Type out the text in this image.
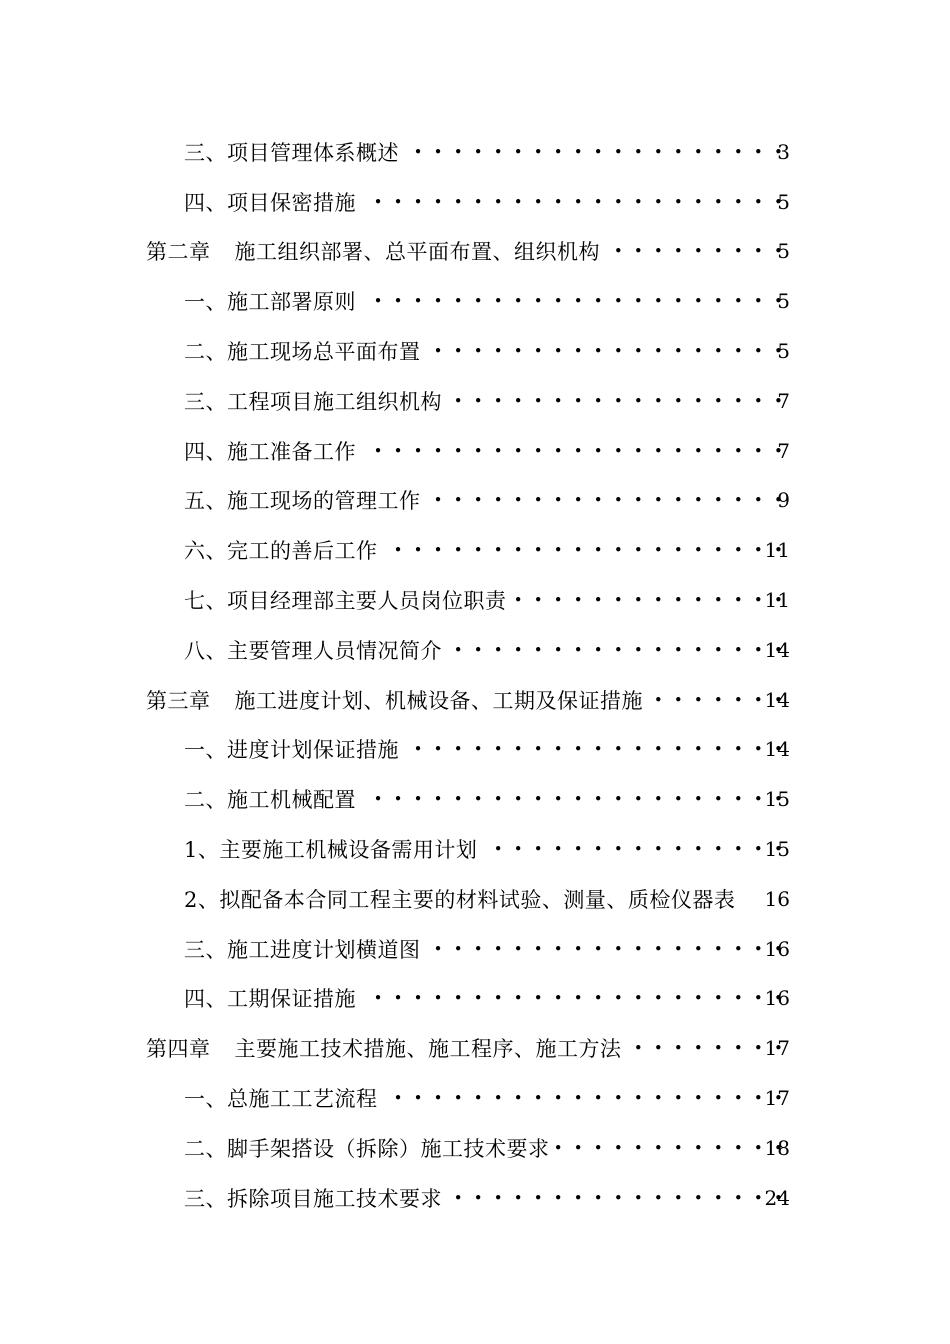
三、项目管理体系概述 • • •	3
四、项目保密措施 • • •	5
第二章 施工组织部署、总平面布置、组织机构 • • •	5
一、施工部署原则 • • •	5
二、施工现场总平面布置 • • •	5
三、工程项目施工组织机构 • • •	7
四、施工准备工作 • • •	7
五、施工现场的管理工作 • • •	9
六、完工的善后工作 • • •	11
七、项目经理部主要人员岗位职责 • • •	11
八、主要管理人员情况简介 • • •	14
第三章 施工进度计划、机械设备、工期及保证措施 • • •	14
一、进度计划保证措施 • • •	14
二、施工机械配置 • • •	15
1、主要施工机械设备需用计划 • • •	15
2、拟配备本合同工程主要的材料试验、测量、质检仪器表 16
三、施工进度计划横道图 • • •	16
四、工期保证措施 • • •	16
第四章 主要施工技术措施、施工程序、施工方法 • • •	17
一、总施工工艺流程 • • •	17
二、脚手架搭设（拆除）施工技术要求 • • •	18
三、拆除项目施工技术要求 • • •	24
